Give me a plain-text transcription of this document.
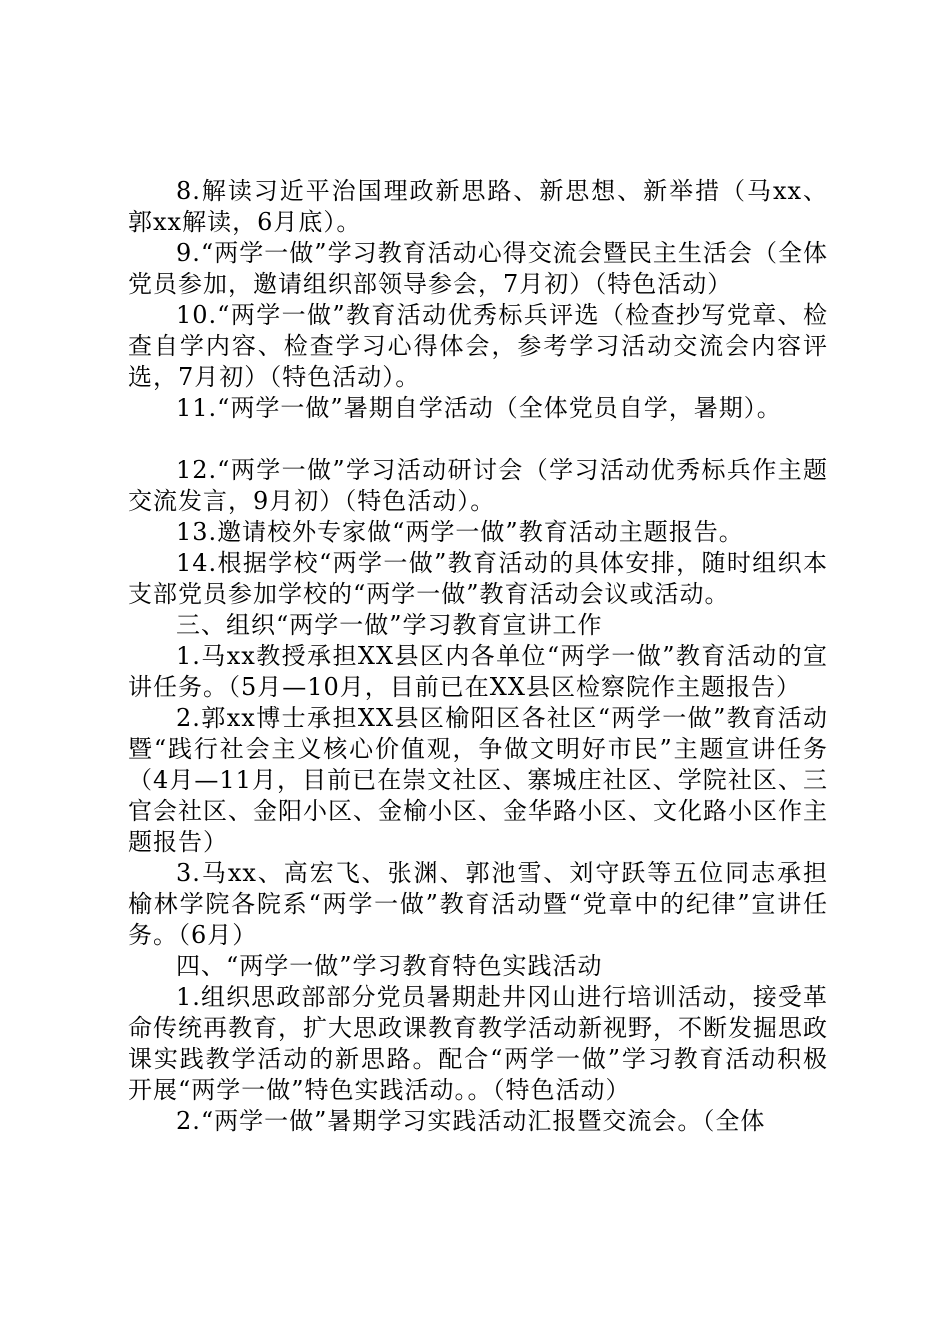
8.解读习近平治国理政新思路、新思想、新举措（马xx、郭xx解读，6月底）。

9.“两学一做”学习教育活动心得交流会暨民主生活会（全体党员参加，邀请组织部领导参会，7月初）（特色活动）

10.“两学一做”教育活动优秀标兵评选（检查抄写党章、检查自学内容、检查学习心得体会，参考学习活动交流会内容评选，7月初）（特色活动）。

11.“两学一做”暑期自学活动（全体党员自学，暑期）。

12.“两学一做”学习活动研讨会（学习活动优秀标兵作主题交流发言，9月初）（特色活动）。

13.邀请校外专家做“两学一做”教育活动主题报告。

14.根据学校“两学一做”教育活动的具体安排，随时组织本支部党员参加学校的“两学一做”教育活动会议或活动。

三、组织“两学一做”学习教育宣讲工作

1.马xx教授承担XX县区内各单位“两学一做”教育活动的宣讲任务。（5月—10月，目前已在XX县区检察院作主题报告）

2.郭xx博士承担XX县区榆阳区各社区“两学一做”教育活动暨“践行社会主义核心价值观，争做文明好市民”主题宣讲任务（4月—11月，目前已在崇文社区、寨城庄社区、学院社区、三官会社区、金阳小区、金榆小区、金华路小区、文化路小区作主题报告）

3.马xx、高宏飞、张渊、郭池雪、刘守跃等五位同志承担榆林学院各院系“两学一做”教育活动暨“党章中的纪律”宣讲任务。（6月）

四、“两学一做”学习教育特色实践活动

1.组织思政部部分党员暑期赴井冈山进行培训活动，接受革命传统再教育，扩大思政课教育教学活动新视野，不断发掘思政课实践教学活动的新思路。配合“两学一做”学习教育活动积极开展“两学一做”特色实践活动。。（特色活动）

2.“两学一做”暑期学习实践活动汇报暨交流会。（全体
